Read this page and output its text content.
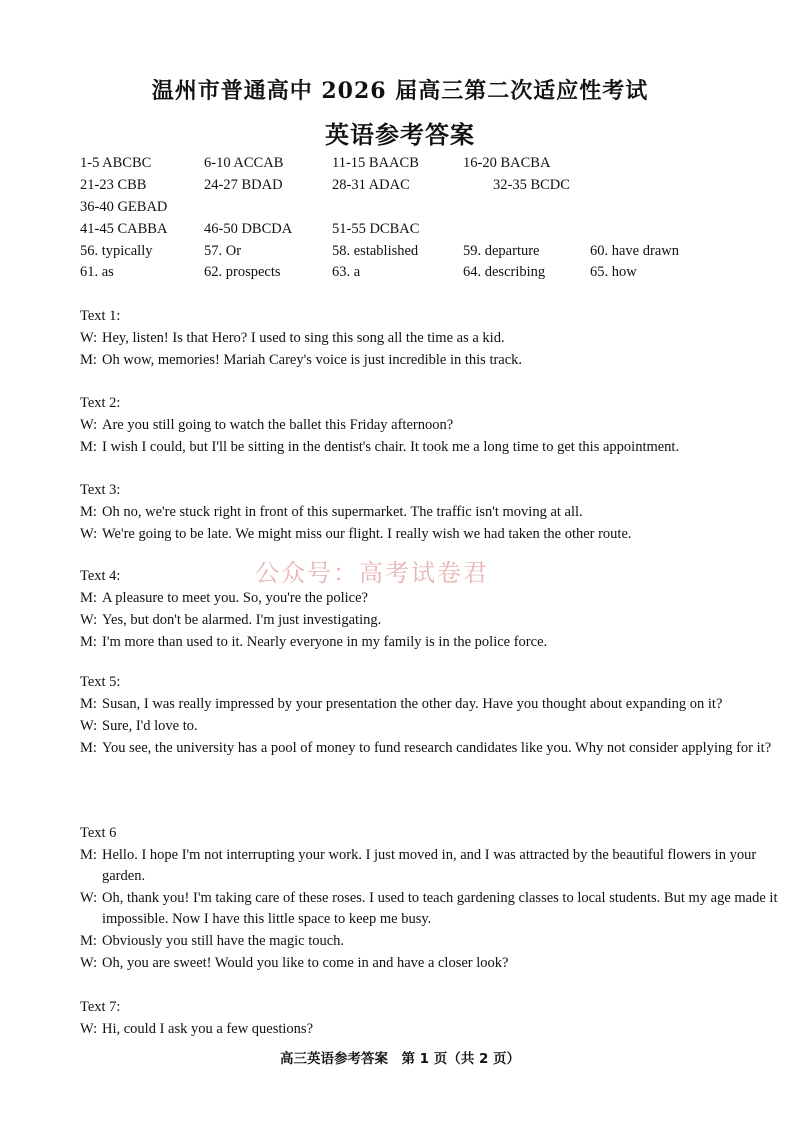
温州市普通高中 2026 届高三第二次适应性考试
英语参考答案
1-5 ABCBC	6-10 ACCAB	11-15 BAACB	16-20 BACBA
21-23 CBB	24-27 BDAD	28-31 ADAC	32-35 BCDC
36-40 GEBAD
41-45 CABBA	46-50 DBCDA	51-55 DCBAC
56. typically	57. Or	58. established	59. departure	60. have drawn
61. as	62. prospects	63. a	64. describing	65. how

Text 1:

W: Hey, listen! Is that Hero? I used to sing this song all the time as a kid.
M: Oh wow, memories! Mariah Carey's voice is just incredible in this track.

Text 2:

W: Are you still going to watch the ballet this Friday afternoon?
M: I wish I could, but I'll be sitting in the dentist's chair. It took me a long time to get this appointment.

Text 3:

M: Oh no, we're stuck right in front of this supermarket. The traffic isn't moving at all.
W: We're going to be late. We might miss our flight. I really wish we had taken the other route.
公众号：高考试卷君

Text 4:

M: A pleasure to meet you. So, you're the police?
W: Yes, but don't be alarmed. I'm just investigating.
M: I'm more than used to it. Nearly everyone in my family is in the police force.

Text 5:

M: Susan, I was really impressed by your presentation the other day. Have you thought about expanding on it?
W: Sure, I'd love to.
M: You see, the university has a pool of money to fund research candidates like you. Why not consider applying for it?

Text 6

M: Hello. I hope I'm not interrupting your work. I just moved in, and I was attracted by the beautiful flowers in your garden.
W: Oh, thank you! I'm taking care of these roses. I used to teach gardening classes to local students. But my age made it impossible. Now I have this little space to keep me busy.
M: Obviously you still have the magic touch.
W: Oh, you are sweet! Would you like to come in and have a closer look?

Text 7:

W: Hi, could I ask you a few questions?
高三英语参考答案　第 1 页（共 2 页）
